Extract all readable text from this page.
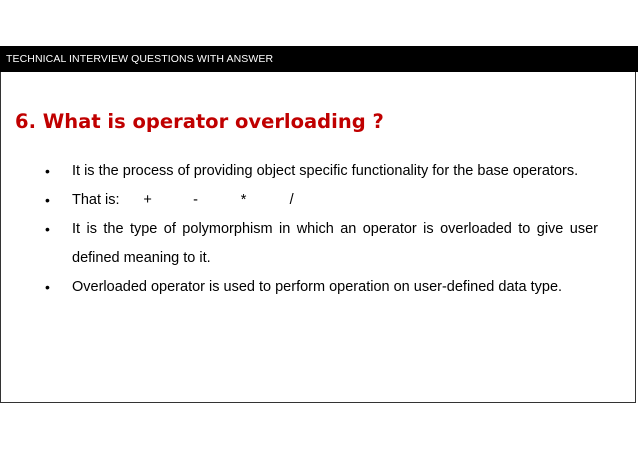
TECHNICAL INTERVIEW QUESTIONS WITH ANSWER
6. What is operator overloading ?
•	It is the process of providing object specific functionality for the base operators.
•	That is: +	-	*	/
•	It is the type of polymorphism in which an operator is overloaded to give user defined meaning to it.
•	Overloaded operator is used to perform operation on user-defined data type.
